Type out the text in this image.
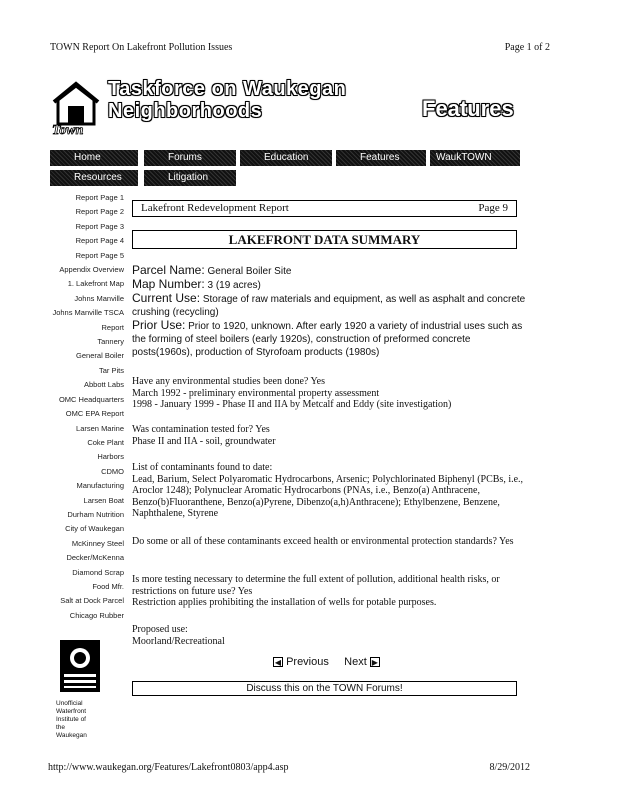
TOWN Report On Lakefront Pollution Issues	Page 1 of 2
Town
Taskforce on Waukegan
Neighborhoods	Features
Home	Forums	Education	Features	WaukTOWN Radio
Resources	Litigation
Report Page 1
Report Page 2
Report Page 3
Report Page 4
Report Page 5
Appendix Overview
1. Lakefront Map
Johns Manville
Johns Manville TSCA
Report
Tannery
General Boiler
Tar Pits
Abbott Labs
OMC Headquarters
OMC EPA Report
Larsen Marine
Coke Plant
Harbors
CDMO
Manufacturing
Larsen Boat
Durham Nutrition
City of Waukegan
McKinney Steel
Decker/McKenna
Diamond Scrap
Food Mfr.
Salt at Dock Parcel
Chicago Rubber
Unofficial Waterfront Institute of the Waukegan
Lakefront Redevelopment Report	Page 9
LAKEFRONT DATA SUMMARY
Parcel Name: General Boiler Site
Map Number: 3 (19 acres)
Current Use: Storage of raw materials and equipment, as well as asphalt and concrete crushing (recycling)
Prior Use: Prior to 1920, unknown. After early 1920 a variety of industrial uses such as the forming of steel boilers (early 1920s), construction of preformed concrete posts(1960s), production of Styrofoam products (1980s)

Have any environmental studies been done? Yes

March 1992 - preliminary environmental property assessment

1998 - January 1999 - Phase II and IIA by Metcalf and Eddy (site investigation)

Was contamination tested for? Yes

Phase II and IIA - soil, groundwater

List of contaminants found to date:

Lead, Barium, Select Polyaromatic Hydrocarbons, Arsenic; Polychlorinated Biphenyl (PCBs, i.e., Aroclor 1248); Polynuclear Aromatic Hydrocarbons (PNAs, i.e., Benzo(a) Anthracene, Benzo(b)Fluoranthene, Benzo(a)Pyrene, Dibenzo(a,h)Anthracene); Ethylbenzene, Benzene, Naphthalene, Styrene

Do some or all of these contaminants exceed health or environmental protection standards? Yes

Is more testing necessary to determine the full extent of pollution, additional health risks, or restrictions on future use? Yes

Restriction applies prohibiting the installation of wells for potable purposes.

Proposed use:

Moorland/Recreational

◀ Previous Next ▶
Discuss this on the TOWN Forums!
http://www.waukegan.org/Features/Lakefront0803/app4.asp	8/29/2012
